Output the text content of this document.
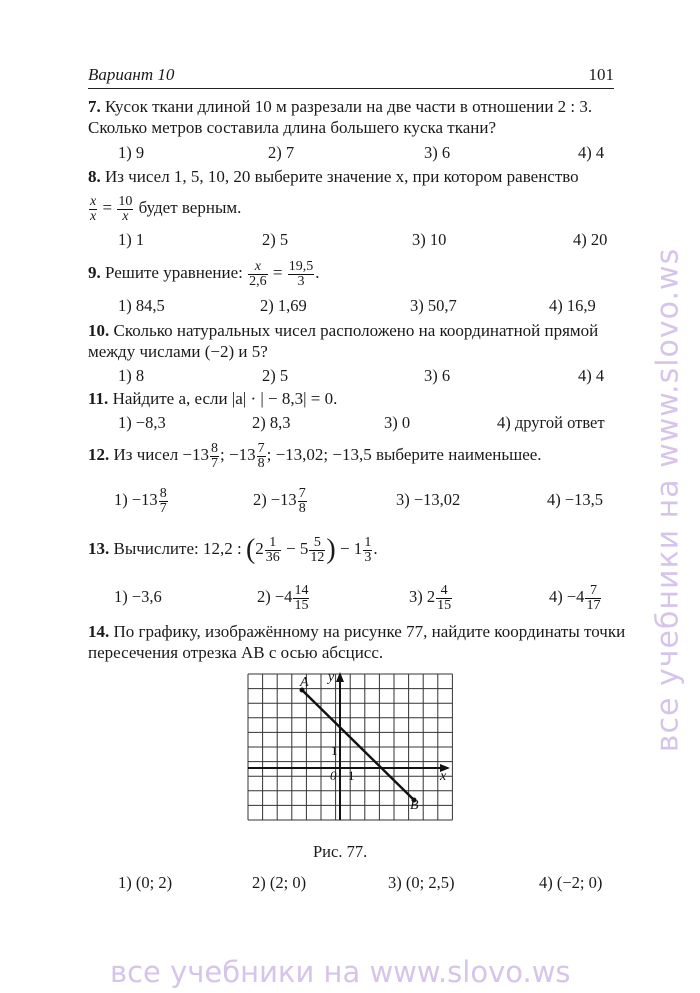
Вариант 10	101
7. Кусок ткани длиной 10 м разрезали на две части в отношении 2 : 3.
Сколько метров составила длина большего куска ткани?
1) 9	2) 7	3) 6	4) 4
8. Из чисел 1, 5, 10, 20 выберите значение x, при котором равенство
$\frac{x}{x} = \frac{10}{x}$ будет верным.
1) 1	2) 5	3) 10	4) 20
9. Решите уравнение: $\frac{x}{2,6} = \frac{19,5}{3}$ .
1) 84,5	2) 1,69	3) 50,7	4) 16,9
10. Сколько натуральных чисел расположено на координатной прямой
между числами (−2) и 5?
1) 8	2) 5	3) 6	4) 4
11. Найдите a, если |a| · | − 8,3| = 0.
1) −8,3	2) 8,3	3) 0	4) другой ответ
12. Из чисел $-13 \frac{8}{7}$ ; $-13 \frac{7}{8}$ ; −13,02; −13,5 выберите наименьшее.
$1) -13 \frac{8}{7}$	$2) -13 \frac{7}{8}$	3) −13,02	4) −13,5
13. Вычислите: 12,2 : ($2 \frac{1}{36} - 5 \frac{5}{12}$ ) − $1 \frac{1}{3}$ .
1) −3,6	$2) -4 \frac{14}{15}$	3) $2 \frac{4}{15}$	$4) -4 \frac{7}{17}$
14. По графику, изображённому на рисунке 77, найдите координаты точки
пересечения отрезка AB с осью абсцисс.
A
B
x
y
0 1
1
Рис. 77.
1) (0; 2)	2) (2; 0)	3) (0; 2,5)	4) (−2; 0)
все учебники на www.slovo.ws
все учебники на www.slovo.ws
